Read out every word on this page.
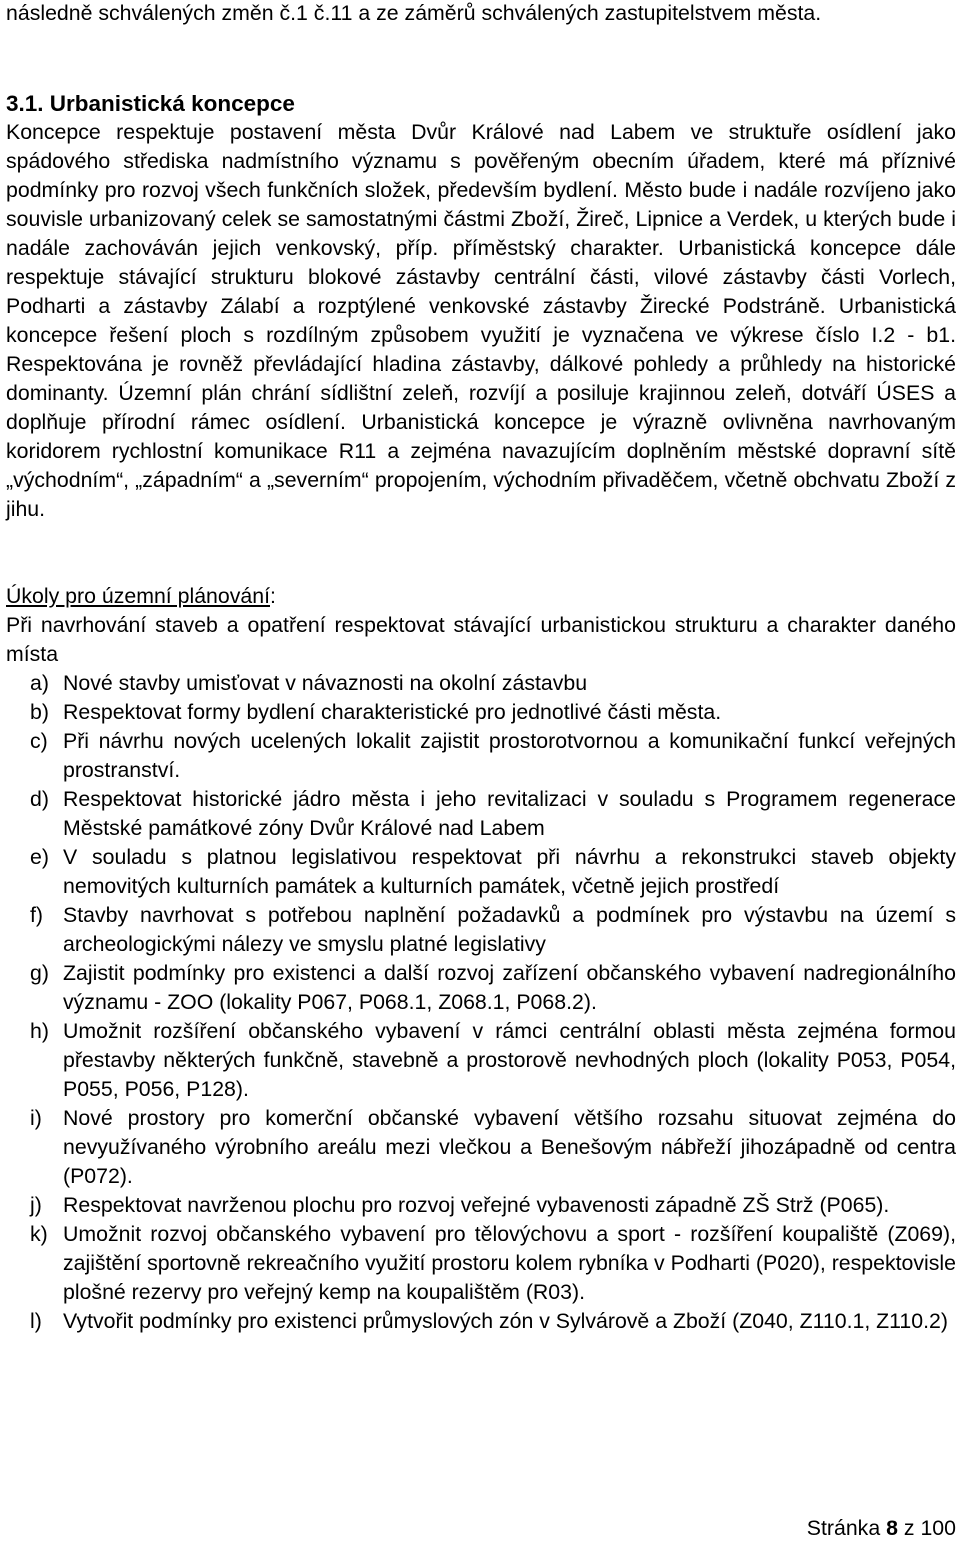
následně schválených změn č.1 č.11 a ze záměrů schválených zastupitelstvem města.

3.1. Urbanistická koncepce

Koncepce respektuje postavení města Dvůr Králové nad Labem ve struktuře osídlení jako spádového střediska nadmístního významu s pověřeným obecním úřadem, které má příznivé podmínky pro rozvoj všech funkčních složek, především bydlení. Město bude i nadále rozvíjeno jako souvisle urbanizovaný celek se samostatnými částmi Zboží, Žireč, Lipnice a Verdek, u kterých bude i nadále zachováván jejich venkovský, příp. příměstský charakter. Urbanistická koncepce dále respektuje stávající strukturu blokové zástavby centrální části, vilové zástavby části Vorlech, Podharti a zástavby Zálabí a rozptýlené venkovské zástavby Žirecké Podstráně. Urbanistická koncepce řešení ploch s rozdílným způsobem využití je vyznačena ve výkrese číslo I.2 - b1. Respektována je rovněž převládající hladina zástavby, dálkové pohledy a průhledy na historické dominanty. Územní plán chrání sídlištní zeleň, rozvíjí a posiluje krajinnou zeleň, dotváří ÚSES a doplňuje přírodní rámec osídlení. Urbanistická koncepce je výrazně ovlivněna navrhovaným koridorem rychlostní komunikace R11 a zejména navazujícím doplněním městské dopravní sítě „východním“, „západním“ a „severním“ propojením, východním přivaděčem, včetně obchvatu Zboží z jihu.

Úkoly pro územní plánování:

Při navrhování staveb a opatření respektovat stávající urbanistickou strukturu a charakter daného místa

a) Nové stavby umisťovat v návaznosti na okolní zástavbu
b) Respektovat formy bydlení charakteristické pro jednotlivé části města.
c) Při návrhu nových ucelených lokalit zajistit prostorotvornou a komunikační funkcí veřejných prostranství.
d) Respektovat historické jádro města i jeho revitalizaci v souladu s Programem regenerace Městské památkové zóny Dvůr Králové nad Labem
e) V souladu s platnou legislativou respektovat při návrhu a rekonstrukci staveb objekty nemovitých kulturních památek a kulturních památek, včetně jejich prostředí
f) Stavby navrhovat s potřebou naplnění požadavků a podmínek pro výstavbu na území s archeologickými nálezy ve smyslu platné legislativy
g) Zajistit podmínky pro existenci a další rozvoj zařízení občanského vybavení nadregionálního významu - ZOO (lokality P067, P068.1, Z068.1, P068.2).
h) Umožnit rozšíření občanského vybavení v rámci centrální oblasti města zejména formou přestavby některých funkčně, stavebně a prostorově nevhodných ploch (lokality P053, P054, P055, P056, P128).
i) Nové prostory pro komerční občanské vybavení většího rozsahu situovat zejména do nevyužívaného výrobního areálu mezi vlečkou a Benešovým nábřeží jihozápadně od centra (P072).
j) Respektovat navrženou plochu pro rozvoj veřejné vybavenosti západně ZŠ Strž (P065).
k) Umožnit rozvoj občanského vybavení pro tělovýchovu a sport - rozšíření koupaliště (Z069), zajištění sportovně rekreačního využití prostoru kolem rybníka v Podharti (P020), respektovisle plošné rezervy pro veřejný kemp na koupalištěm (R03).
l) Vytvořit podmínky pro existenci průmyslových zón v Sylvárově a Zboží (Z040, Z110.1, Z110.2)
Stránka 8 z 100
